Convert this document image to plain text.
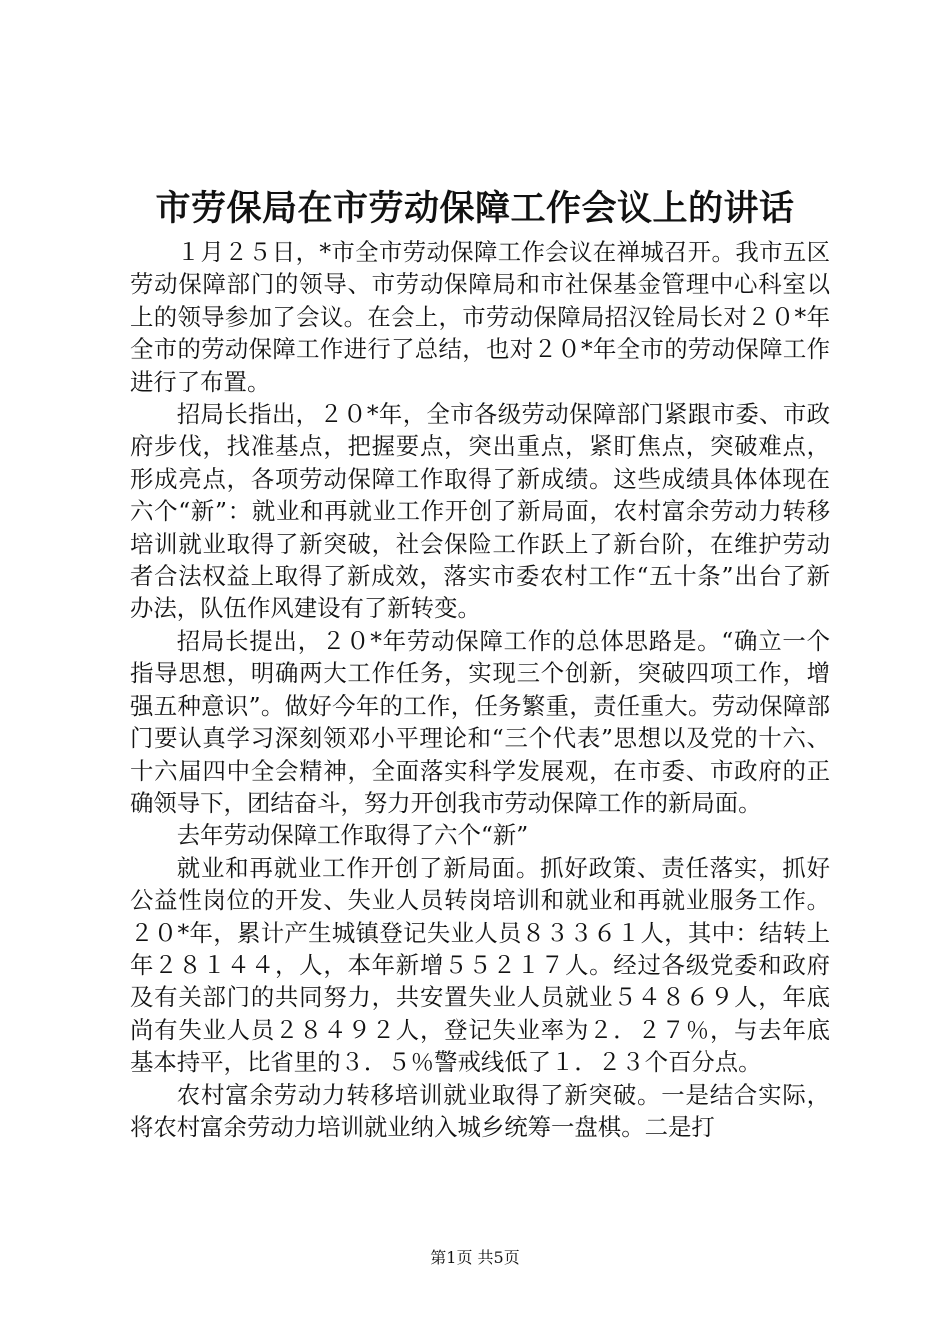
市劳保局在市劳动保障工作会议上的讲话

１月２５日，*市全市劳动保障工作会议在禅城召开。我市五区劳动保障部门的领导、市劳动保障局和市社保基金管理中心科室以上的领导参加了会议。在会上，市劳动保障局招汉铨局长对２０*年全市的劳动保障工作进行了总结，也对２０*年全市的劳动保障工作进行了布置。

招局长指出，２０*年，全市各级劳动保障部门紧跟市委、市政府步伐，找准基点，把握要点，突出重点，紧盯焦点，突破难点，形成亮点，各项劳动保障工作取得了新成绩。这些成绩具体体现在六个“新”：就业和再就业工作开创了新局面，农村富余劳动力转移培训就业取得了新突破，社会保险工作跃上了新台阶，在维护劳动者合法权益上取得了新成效，落实市委农村工作“五十条”出台了新办法，队伍作风建设有了新转变。

招局长提出，２０*年劳动保障工作的总体思路是。“确立一个指导思想，明确两大工作任务，实现三个创新，突破四项工作，增强五种意识”。做好今年的工作，任务繁重，责任重大。劳动保障部门要认真学习深刻领邓小平理论和“三个代表”思想以及党的十六、十六届四中全会精神，全面落实科学发展观，在市委、市政府的正确领导下，团结奋斗，努力开创我市劳动保障工作的新局面。

去年劳动保障工作取得了六个“新”

就业和再就业工作开创了新局面。抓好政策、责任落实，抓好公益性岗位的开发、失业人员转岗培训和就业和再就业服务工作。２０*年，累计产生城镇登记失业人员８３３６１人，其中：结转上年２８１４４，人，本年新增５５２１７人。经过各级党委和政府及有关部门的共同努力，共安置失业人员就业５４８６９人，年底尚有失业人员２８４９２人，登记失业率为２．２７％，与去年底基本持平，比省里的３．５％警戒线低了１．２３个百分点。

农村富余劳动力转移培训就业取得了新突破。一是结合实际，将农村富余劳动力培训就业纳入城乡统筹一盘棋。二是打

第1页 共5页
